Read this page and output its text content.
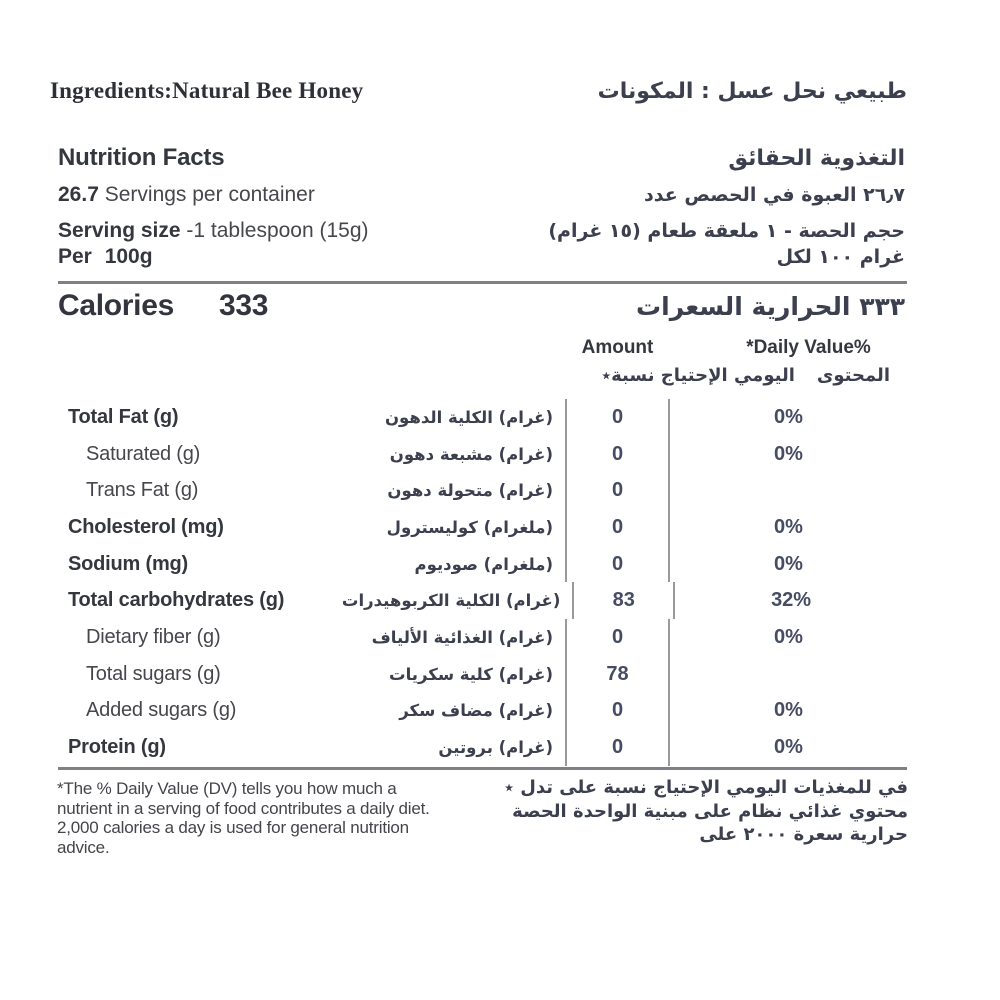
Ingredients:Natural Bee Honey	طبيعي نحل عسل : المكونات
Nutrition Facts	التغذوية الحقائق
26.7 Servings per container	٢٦٫٧ العبوة في الحصص عدد
Serving size -1 tablespoon (15g)	حجم الحصة - ١ ملعقة طعام (١٥ غرام)
Per 100g	غرام ١٠٠ لكل
Calories 333	٣٣٣ الحرارية السعرات
Amount	*Daily Value%
اليومي الإحتياج نسبة٭ المحتوى
Total Fat (g)	(غرام) الكلية الدهون	0	0%
Saturated (g)	(غرام) مشبعة دهون	0	0%
Trans Fat (g)	(غرام) متحولة دهون	0
Cholesterol (mg)	(ملغرام) كوليسترول	0	0%
Sodium (mg)	(ملغرام) صوديوم	0	0%
Total carbohydrates (g)	(غرام) الكلية الكربوهيدرات	83	32%
Dietary fiber (g)	(غرام) الغذائية الألياف	0	0%
Total sugars (g)	(غرام) كلية سكريات	78
Added sugars (g)	(غرام) مضاف سكر	0	0%
Protein (g)	(غرام) بروتين	0	0%
*The % Daily Value (DV) tells you how much a
nutrient in a serving of food contributes a daily diet.
2,000 calories a day is used for general nutrition
advice.
في للمغذيات اليومي الإحتياج نسبة على تدل ٭
محتوي غذائي نظام على مبنية الواحدة الحصة
حرارية سعرة ٢٠٠٠ على
